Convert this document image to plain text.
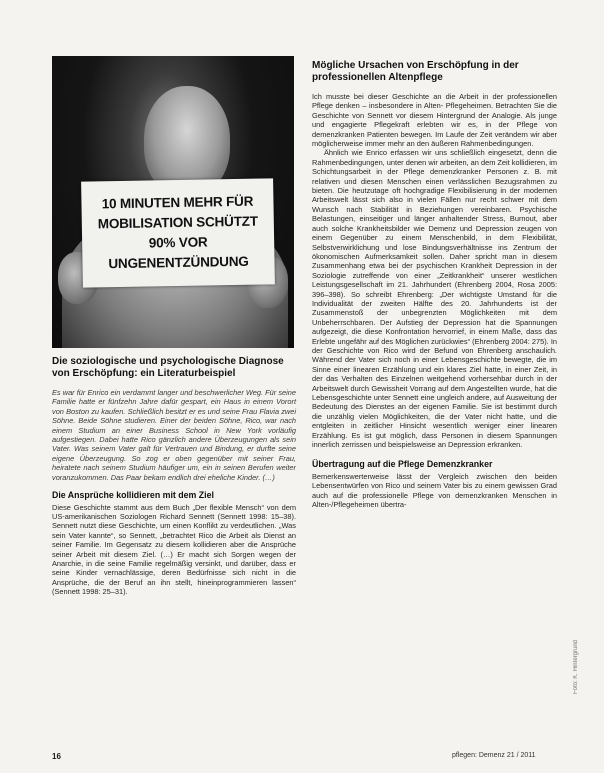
10 MINUTEN MEHR FÜR
MOBILISATION SCHÜTZT
90% VOR
UNGENENTZÜNDUNG
Die soziologische und psychologische Diagnose von Erschöpfung: ein Literaturbeispiel

Es war für Enrico ein verdammt langer und beschwerlicher Weg. Für seine Familie hatte er fünfzehn Jahre dafür gespart, ein Haus in einem Vorort von Boston zu kaufen. Schließlich besitzt er es und seine Frau Flavia zwei Söhne. Beide Söhne studieren. Einer der beiden Söhne, Rico, war nach einem Studium an einer Business School in New York vorläufig aufgestiegen. Dabei hatte Rico gänzlich andere Überzeugungen als sein Vater. Was seinem Vater galt für Vertrauen und Bindung, er durfte seine eigene Überzeugung. So zog er oben gegenüber mit seiner Frau, heiratete nach seinem Studium häufiger um, ein in seinen Berufen weiter voranzukommen. Das Paar bekam endlich drei eheliche Kinder. (…)

Die Ansprüche kollidieren mit dem Ziel

Diese Geschichte stammt aus dem Buch „Der flexible Mensch“ von dem US-amerikanischen Soziologen Richard Sennett (Sennett 1998: 15–38). Sennett nutzt diese Geschichte, um einen Konflikt zu verdeutlichen. „Was sein Vater kannte“, so Sennett, „betrachtet Rico die Arbeit als Dienst an seiner Familie. Im Gegensatz zu diesem kollidieren aber die Ansprüche seiner Arbeit mit diesem Ziel. (…) Er macht sich Sorgen wegen der Anarchie, in die seine Familie regelmäßig versinkt, und darüber, dass er seine Kinder vernachlässige, deren Bedürfnisse sich nicht in die Ansprüche, die der Beruf an ihn stellt, hineinprogrammieren lassen“ (Sennett 1998: 25–31).

Mögliche Ursachen von Erschöpfung in der professionellen Altenpflege

Ich musste bei dieser Geschichte an die Arbeit in der professionellen Pflege denken – insbesondere in Alten- Pflegeheimen. Betrachten Sie die Geschichte von Sennett vor diesem Hintergrund der Analogie. Als junge und engagierte Pflegekraft erlebten wir es, in der Pflege von demenzkranken Patienten bewegen. Im Laufe der Zeit verändern wir aber möglicherweise immer mehr an den äußeren Rahmenbedingungen.

Ähnlich wie Enrico erfassen wir uns schließlich eingesetzt, denn die Rahmenbedingungen, unter denen wir arbeiten, an dem Zeit kollidieren, im Schichtungsarbeit in der Pflege demenzkranker Personen z. B. mit relativen und diesen Menschen einen verlässlichen Bezugsrahmen zu bieten. Die heutzutage oft hochgradige Flexibilisierung in der modernen Arbeitswelt lässt sich also in vielen Fällen nur recht schwer mit dem Wunsch nach Stabilität in Beziehungen vereinbaren. Psychische Belastungen, einseitiger und länger anhaltender Stress, Burnout, aber auch solche Krankheitsbilder wie Demenz und Depression zeugen von einem Gegenüber zu einem Menschenbild, in dem Flexibilität, Selbstverwirklichung und lose Bindungsverhältnisse ins Zentrum der ökonomischen Aufmerksamkeit sollen. Daher spricht man in diesem Zusammenhang etwa bei der psychischen Krankheit Depression in der Soziologie zutreffende von einer „Zeitkrankheit“ unserer westlichen Leistungsgesellschaft im 21. Jahrhundert (Ehrenberg 2004, Rosa 2005: 396–398). So schreibt Ehrenberg: „Der wichtigste Umstand für die Individualität der zweiten Hälfte des 20. Jahrhunderts ist der Zusammenstoß der unbegrenzten Möglichkeiten mit dem Unbeherrschbaren. Der Aufstieg der Depression hat die Spannungen aufgezeigt, die diese Konfrontation hervorrief, in einem Maße, dass das Erlebte ungefähr auf des Möglichen zurückwies“ (Ehrenberg 2004: 275). In der Geschichte von Rico wird der Befund von Ehrenberg anschaulich. Während der Vater sich noch in einer Lebensgeschichte bewegte, die im Sinne einer linearen Erzählung und ein klares Ziel hatte, in einer Zeit, in der das Verhalten des Einzelnen weitgehend vorhersehbar durch in der Arbeitswelt durch Gewissheit Vorrang auf dem Angestellten wurde, hat die Lebensgeschichte unter Sennett eine ungleich andere, auf Ausweitung der Bedeutung des Dienstes an der eigenen Familie. Sie ist bestimmt durch die unzählig vielen Möglichkeiten, die der Vater nicht hatte, und die entgleiten in zeitlicher Hinsicht wesentlich weniger einer linearen Erzählung. Es ist gut möglich, dass Personen in diesem Spannungen innerlich zerrissen und beispielsweise an Depression erkranken.

Übertragung auf die Pflege Demenzkranker

Bemerkenswerterweise lässt der Vergleich zwischen den beiden Lebensentwürfen von Rico und seinem Vater bis zu einem gewissen Grad auch auf die professionelle Pflege von demenzkranken Menschen in Alten-/Pflegeheimen übertra-

Foto: K. Hintergrund
16	pflegen: Demenz 21 / 2011
